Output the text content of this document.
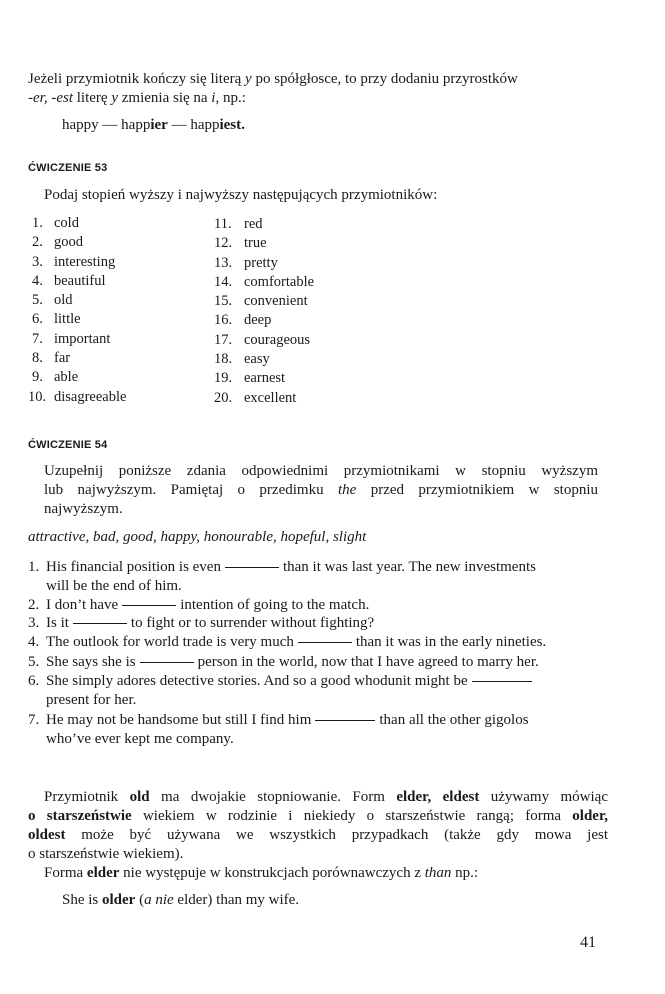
Jeżeli przymiotnik kończy się literą y po spółgłosce, to przy dodaniu przyrostków

-er, -est literę y zmienia się na i, np.:

happy — happier — happiest.

ĆWICZENIE 53

Podaj stopień wyższy i najwyższy następujących przymiotników:

1. cold
2. good
3. interesting
4. beautiful
5. old
6. little
7. important
8. far
9. able
10. disagreeable
11. red
12. true
13. pretty
14. comfortable
15. convenient
16. deep
17. courageous
18. easy
19. earnest
20. excellent
ĆWICZENIE 54

Uzupełnij poniższe zdania odpowiednimi przymiotnikami w stopniu wyższym

lub najwyższym. Pamiętaj o przedimku the przed przymiotnikiem w stopniu

najwyższym.

attractive, bad, good, happy, honourable, hopeful, slight

1. His financial position is even	than it was last year. The new investments
will be the end of him.
2. I don’t have	intention of going to the match.
3. Is it	to fight or to surrender without fighting?
4. The outlook for world trade is very much	than it was in the early nineties.
5. She says she is	person in the world, now that I have agreed to marry her.
6. She simply adores detective stories. And so a good whodunit might be
present for her.
7. He may not be handsome but still I find him	than all the other gigolos
who’ve ever kept me company.

Przymiotnik old ma dwojakie stopniowanie. Form elder, eldest używamy mówiąc

o starszeństwie wiekiem w rodzinie i niekiedy o starszeństwie rangą; forma older,

oldest może być używana we wszystkich przypadkach (także gdy mowa jest

o starszeństwie wiekiem).

Forma elder nie występuje w konstrukcjach porównawczych z than np.:

She is older (a nie elder) than my wife.

41
